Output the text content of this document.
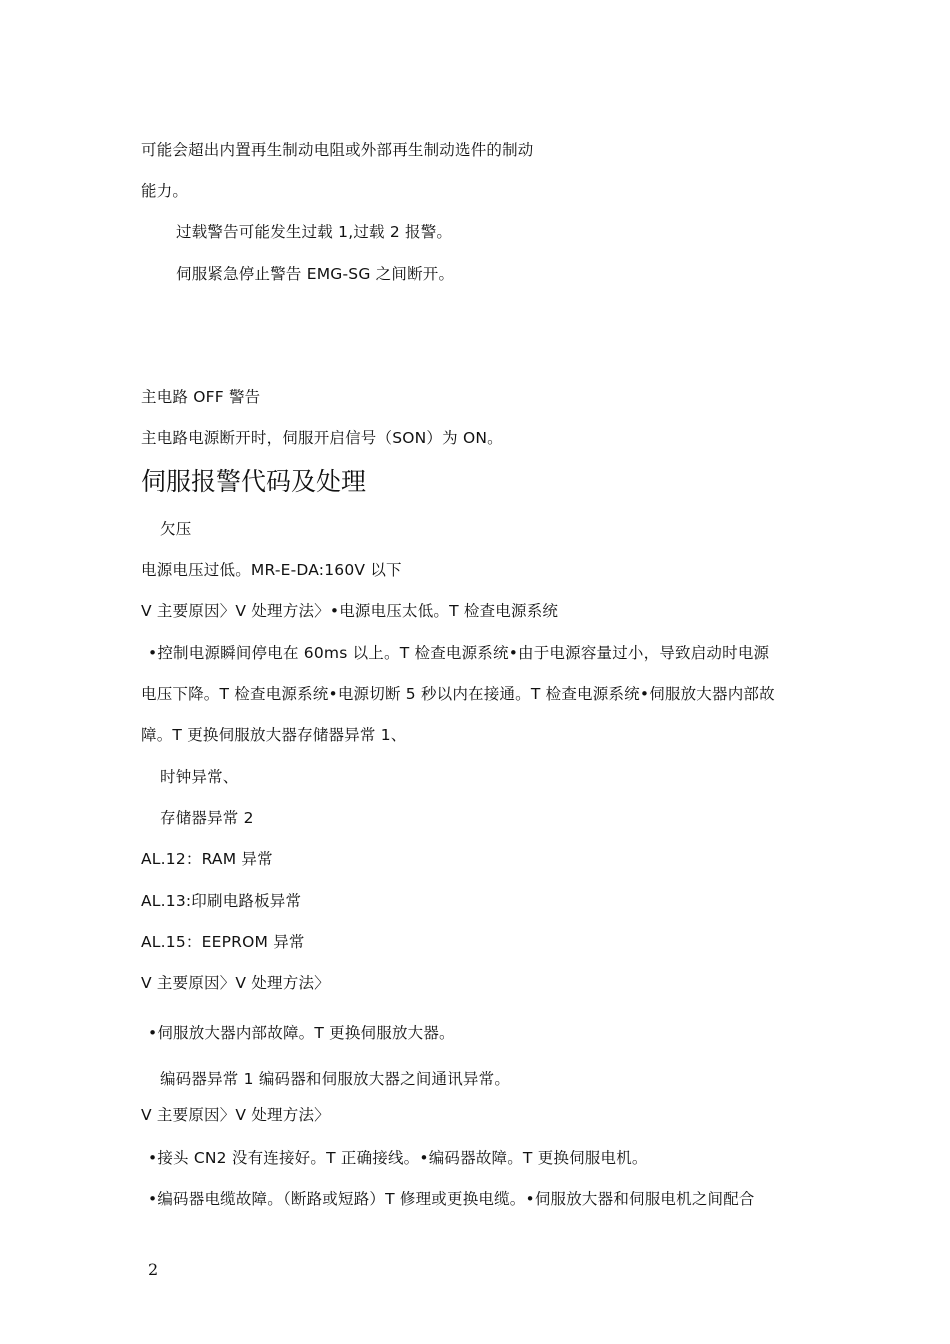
可能会超出内置再生制动电阻或外部再生制动选件的制动
能力。
过载警告可能发生过载 1,过载 2 报警。
伺服紧急停止警告 EMG-SG 之间断开。
主电路 OFF 警告
主电路电源断开时，伺服开启信号（SON）为 ON。
伺服报警代码及处理
欠压
电源电压过低。MR-E-DA:160V 以下
V 主要原因〉V 处理方法〉•电源电压太低。T 检查电源系统
•控制电源瞬间停电在 60ms 以上。T 检查电源系统•由于电源容量过小，导致启动时电源
电压下降。T 检查电源系统•电源切断 5 秒以内在接通。T 检查电源系统•伺服放大器内部故
障。T 更换伺服放大器存储器异常 1、
时钟异常、
存储器异常 2
AL.12：RAM 异常
AL.13:印刷电路板异常
AL.15：EEPROM 异常
V 主要原因〉V 处理方法〉
•伺服放大器内部故障。T 更换伺服放大器。
编码器异常 1 编码器和伺服放大器之间通讯异常。
V 主要原因〉V 处理方法〉
•接头 CN2 没有连接好。T 正确接线。•编码器故障。T 更换伺服电机。
•编码器电缆故障。（断路或短路）T 修理或更换电缆。•伺服放大器和伺服电机之间配合
2
